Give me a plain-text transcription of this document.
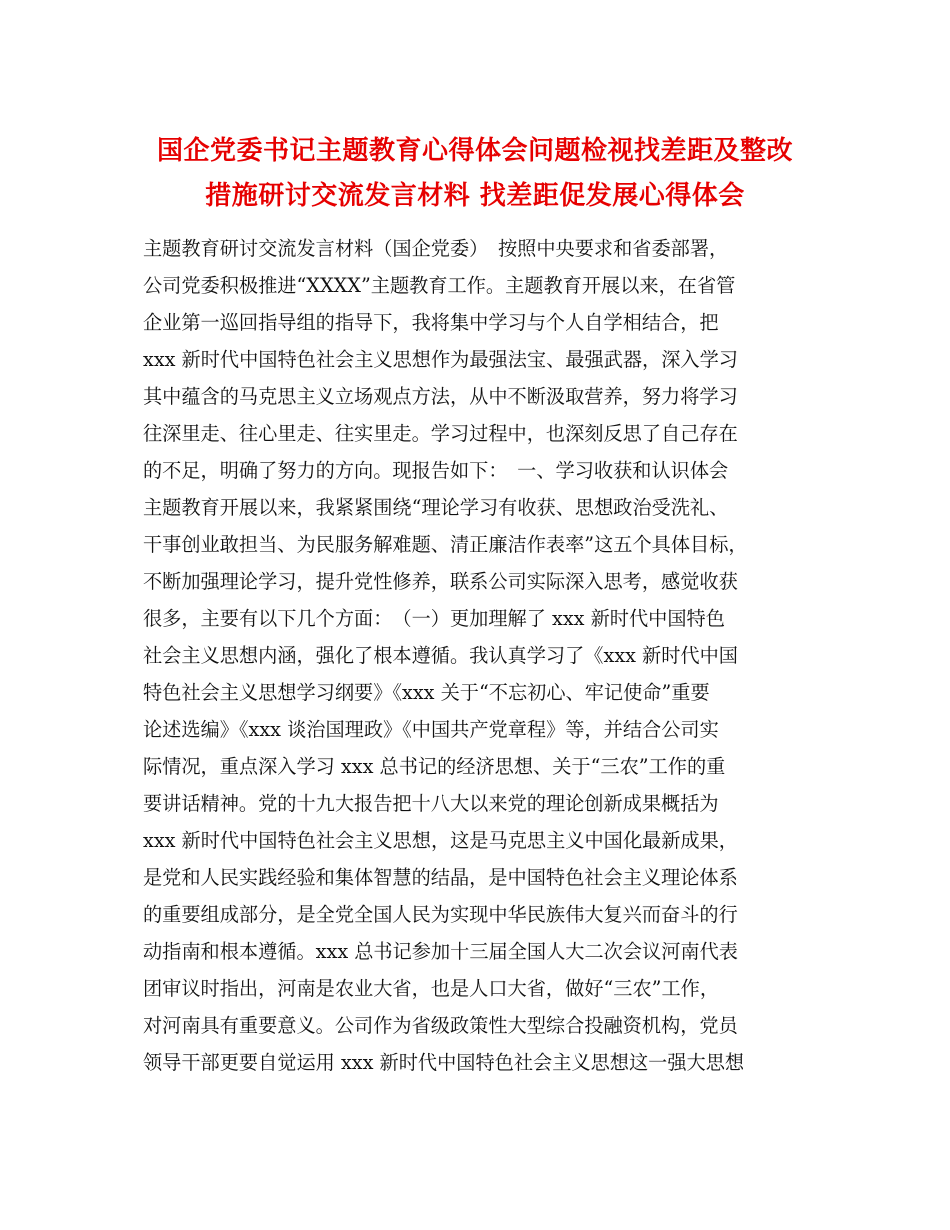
国企党委书记主题教育心得体会问题检视找差距及整改
措施研讨交流发言材料 找差距促发展心得体会
主题教育研讨交流发言材料（国企党委）　按照中央要求和省委部署，
公司党委积极推进“XXXX”主题教育工作。主题教育开展以来，在省管
企业第一巡回指导组的指导下，我将集中学习与个人自学相结合，把
xxx 新时代中国特色社会主义思想作为最强法宝、最强武器，深入学习
其中蕴含的马克思主义立场观点方法，从中不断汲取营养，努力将学习
往深里走、往心里走、往实里走。学习过程中，也深刻反思了自己存在
的不足，明确了努力的方向。现报告如下：　一、学习收获和认识体会
主题教育开展以来，我紧紧围绕“理论学习有收获、思想政治受洗礼、
干事创业敢担当、为民服务解难题、清正廉洁作表率”这五个具体目标，
不断加强理论学习，提升党性修养，联系公司实际深入思考，感觉收获
很多，主要有以下几个方面：　（一）更加理解了 xxx 新时代中国特色
社会主义思想内涵，强化了根本遵循。我认真学习了《xxx 新时代中国
特色社会主义思想学习纲要》《xxx 关于“不忘初心、牢记使命”重要
论述选编》《xxx 谈治国理政》《中国共产党章程》等，并结合公司实
际情况，重点深入学习 xxx 总书记的经济思想、关于“三农”工作的重
要讲话精神。党的十九大报告把十八大以来党的理论创新成果概括为
xxx 新时代中国特色社会主义思想，这是马克思主义中国化最新成果，
是党和人民实践经验和集体智慧的结晶，是中国特色社会主义理论体系
的重要组成部分，是全党全国人民为实现中华民族伟大复兴而奋斗的行
动指南和根本遵循。xxx 总书记参加十三届全国人大二次会议河南代表
团审议时指出，河南是农业大省，也是人口大省，做好“三农”工作，
对河南具有重要意义。公司作为省级政策性大型综合投融资机构，党员
领导干部更要自觉运用 xxx 新时代中国特色社会主义思想这一强大思想
